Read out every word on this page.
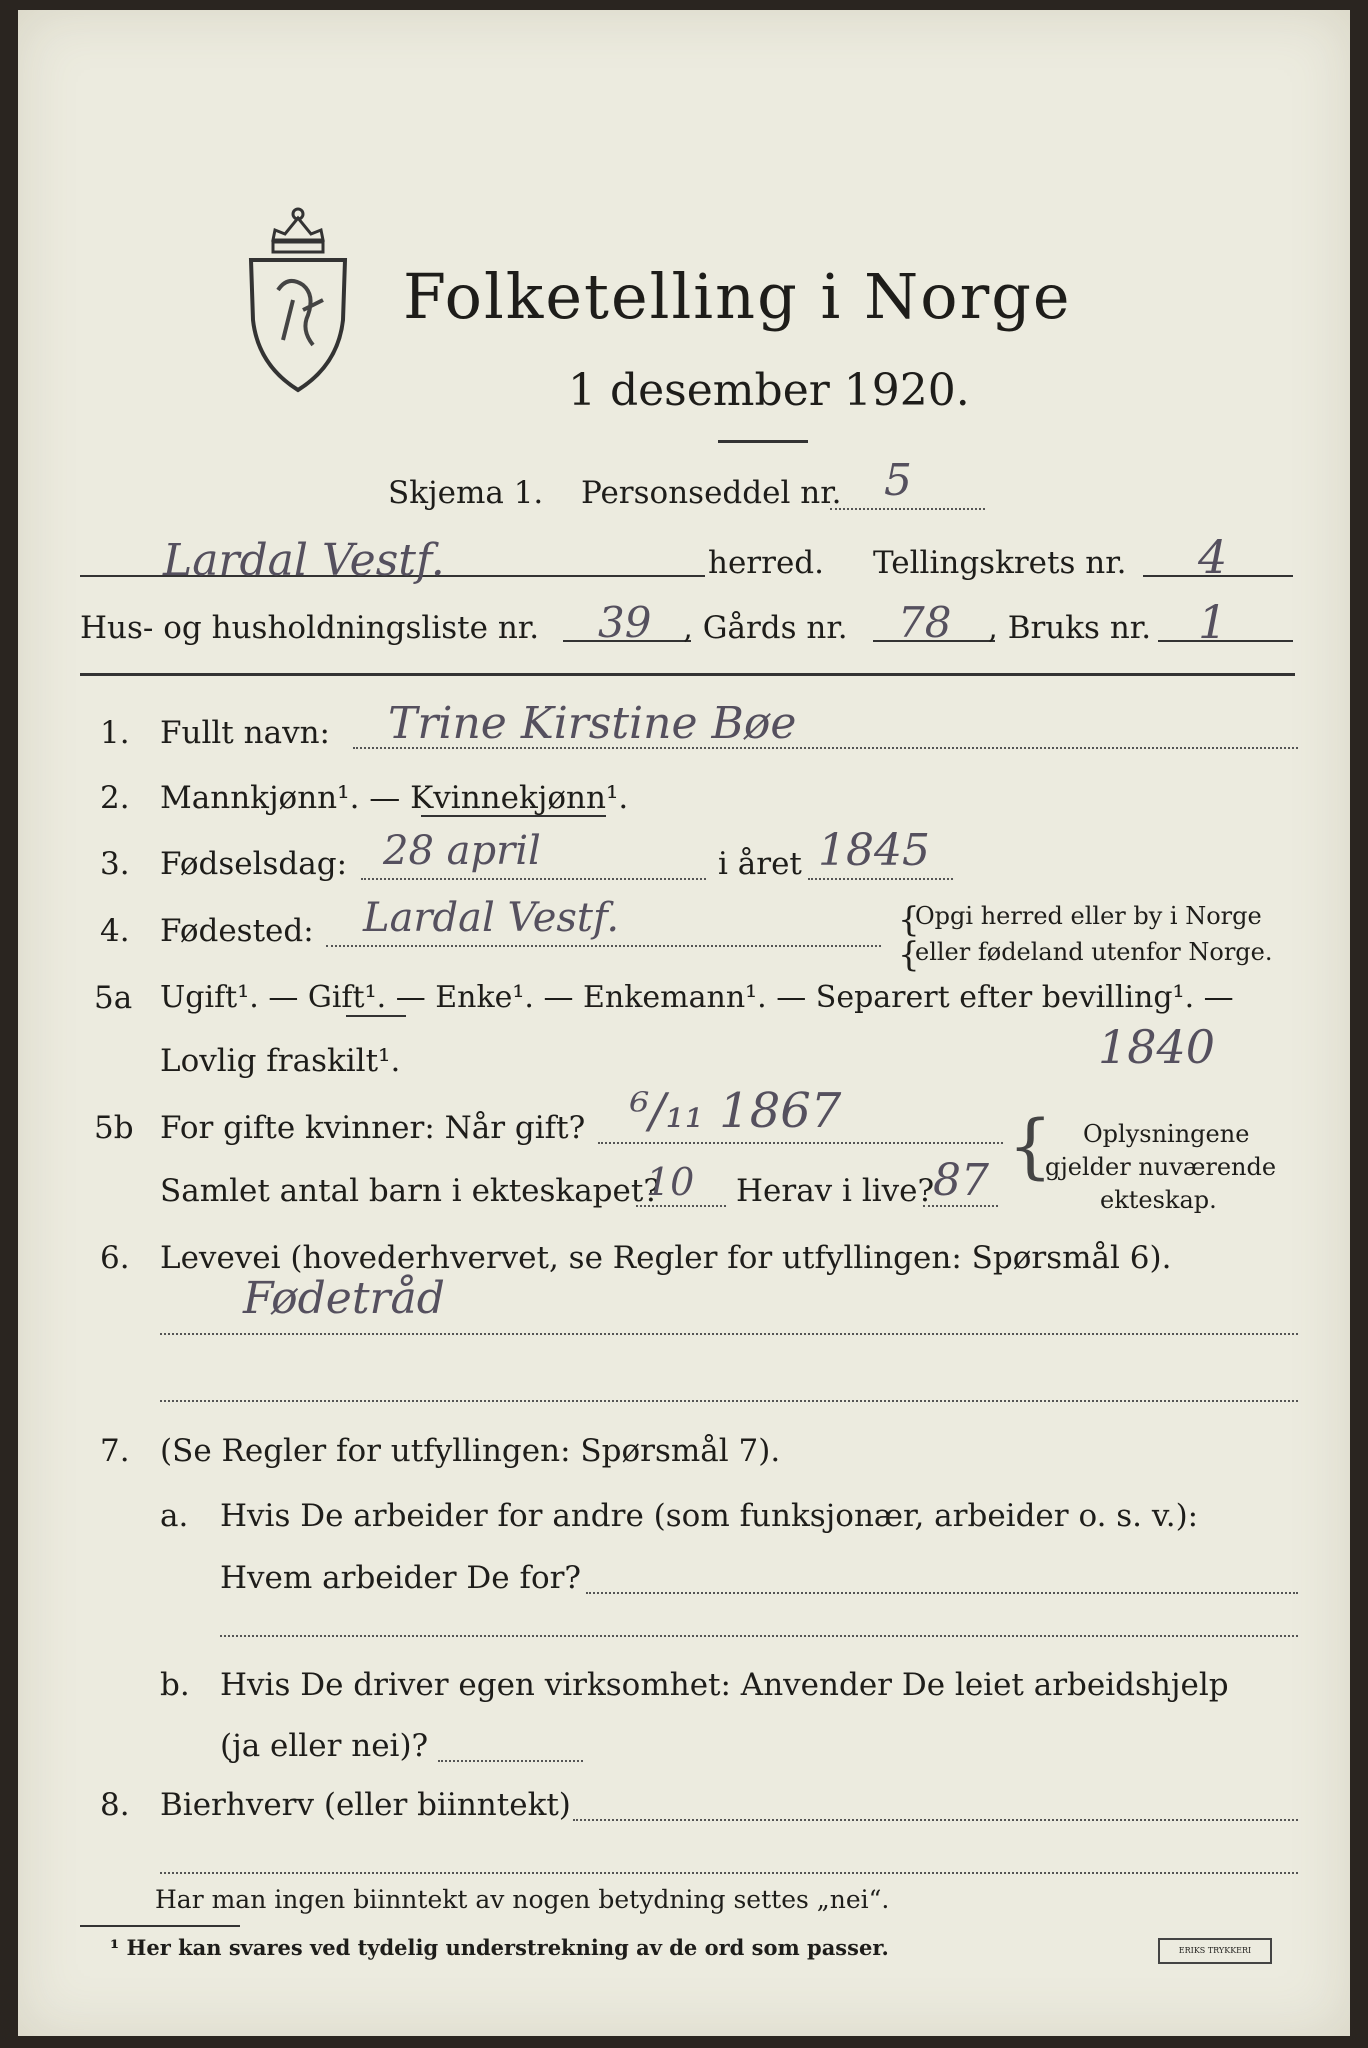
Folketelling i Norge
1 desember 1920.
Skjema 1. Personseddel nr. 5
Lardal Vestf.	herred. Tellingskrets nr. 4
Hus- og husholdningsliste nr. 39 , Gårds nr. 78 , Bruks nr. 1
1. Fullt navn: Trine Kirstine Bøe
2. Mannkjønn¹. — Kvinnekjønn¹.
3. Fødselsdag: 28 april	i året 1845
4. Fødested: Lardal Vestf.	{
{
Opgi herred eller by i Norge
eller fødeland utenfor Norge.
5a Ugift¹. — Gift¹. — Enke¹. — Enkemann¹. — Separert efter bevilling¹. —
Lovlig fraskilt¹.	1840
5b For gifte kvinner: Når gift? ⁶/₁₁ 1867
Samlet antal barn i ekteskapet?
10 Herav i live?
87 { Oplysningene
gjelder nuværende
ekteskap.
6. Levevei (hovederhvervet, se Regler for utfyllingen: Spørsmål 6).
Fødetråd
7. (Se Regler for utfyllingen: Spørsmål 7).
a. Hvis De arbeider for andre (som funksjonær, arbeider o. s. v.):
Hvem arbeider De for?
b. Hvis De driver egen virksomhet: Anvender De leiet arbeidshjelp
(ja eller nei)?
8. Bierhverv (eller biinntekt)
Har man ingen biinntekt av nogen betydning settes „nei“.
¹ Her kan svares ved tydelig understrekning av de ord som passer.	ERIKS TRYKKERI
